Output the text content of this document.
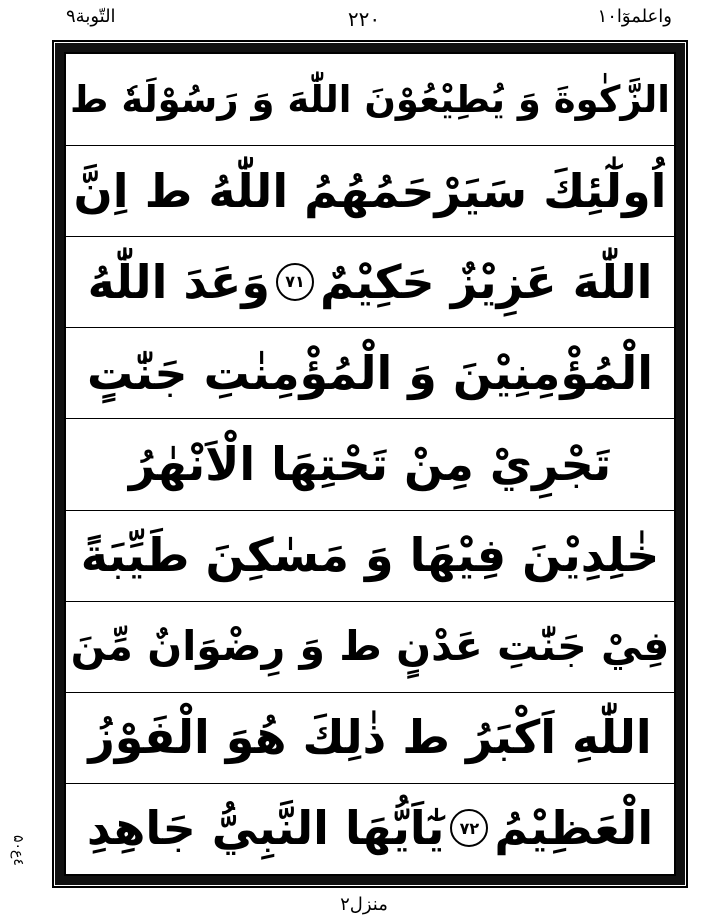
واعلموٓا۱۰
۲۲۰
التّوبة۹
۵۰٤ع
الزَّكٰوةَ وَ يُطِيْعُوْنَ اللّٰهَ وَ رَسُوْلَهٗ ط
اُولٰٓئِكَ سَيَرْحَمُهُمُ اللّٰهُ ط اِنَّ
اللّٰهَ عَزِيْزٌ حَكِيْمٌ
۷۱
وَعَدَ اللّٰهُ
الْمُؤْمِنِيْنَ وَ الْمُؤْمِنٰتِ جَنّٰتٍ
تَجْرِيْ مِنْ تَحْتِهَا الْاَنْهٰرُ
خٰلِدِيْنَ فِيْهَا وَ مَسٰكِنَ طَيِّبَةً
فِيْ جَنّٰتِ عَدْنٍ ط وَ رِضْوَانٌ مِّنَ
اللّٰهِ اَكْبَرُ ط ذٰلِكَ هُوَ الْفَوْزُ
الْعَظِيْمُ
۷۲
يٰٓاَيُّهَا النَّبِيُّ جَاهِدِ
منزل۲
